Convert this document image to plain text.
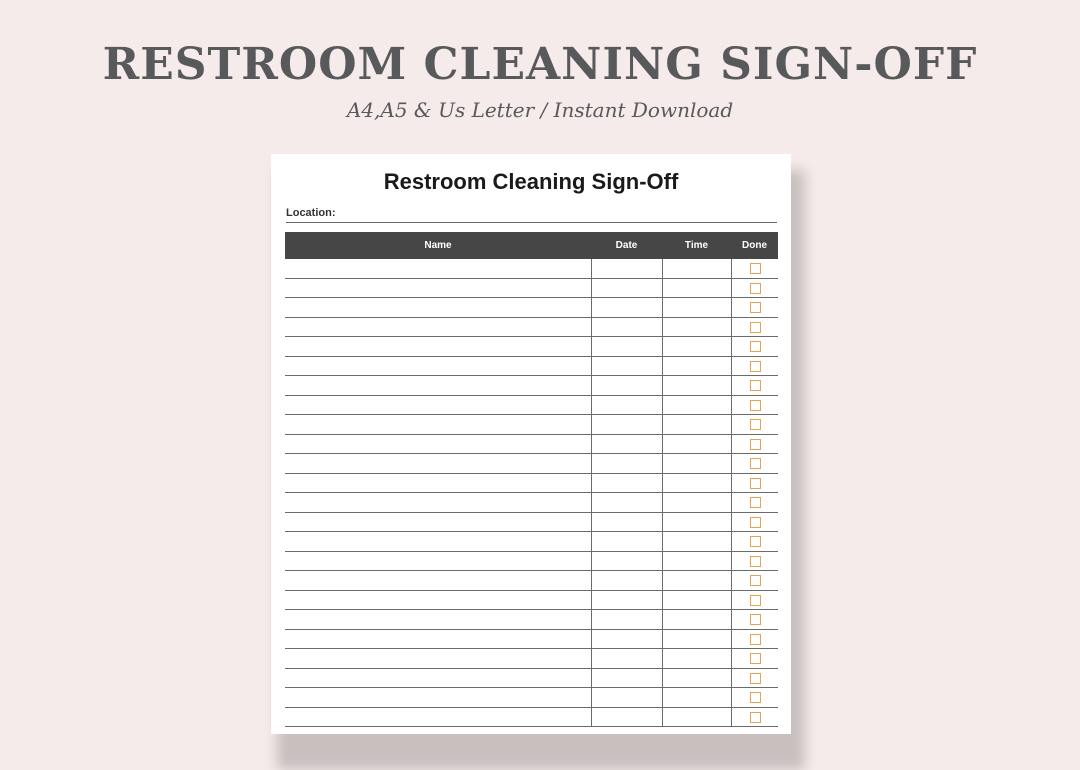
RESTROOM CLEANING SIGN-OFF
A4,A5 & Us Letter / Instant Download
Restroom Cleaning Sign-Off
Location:
Name	Date	Time	Done
